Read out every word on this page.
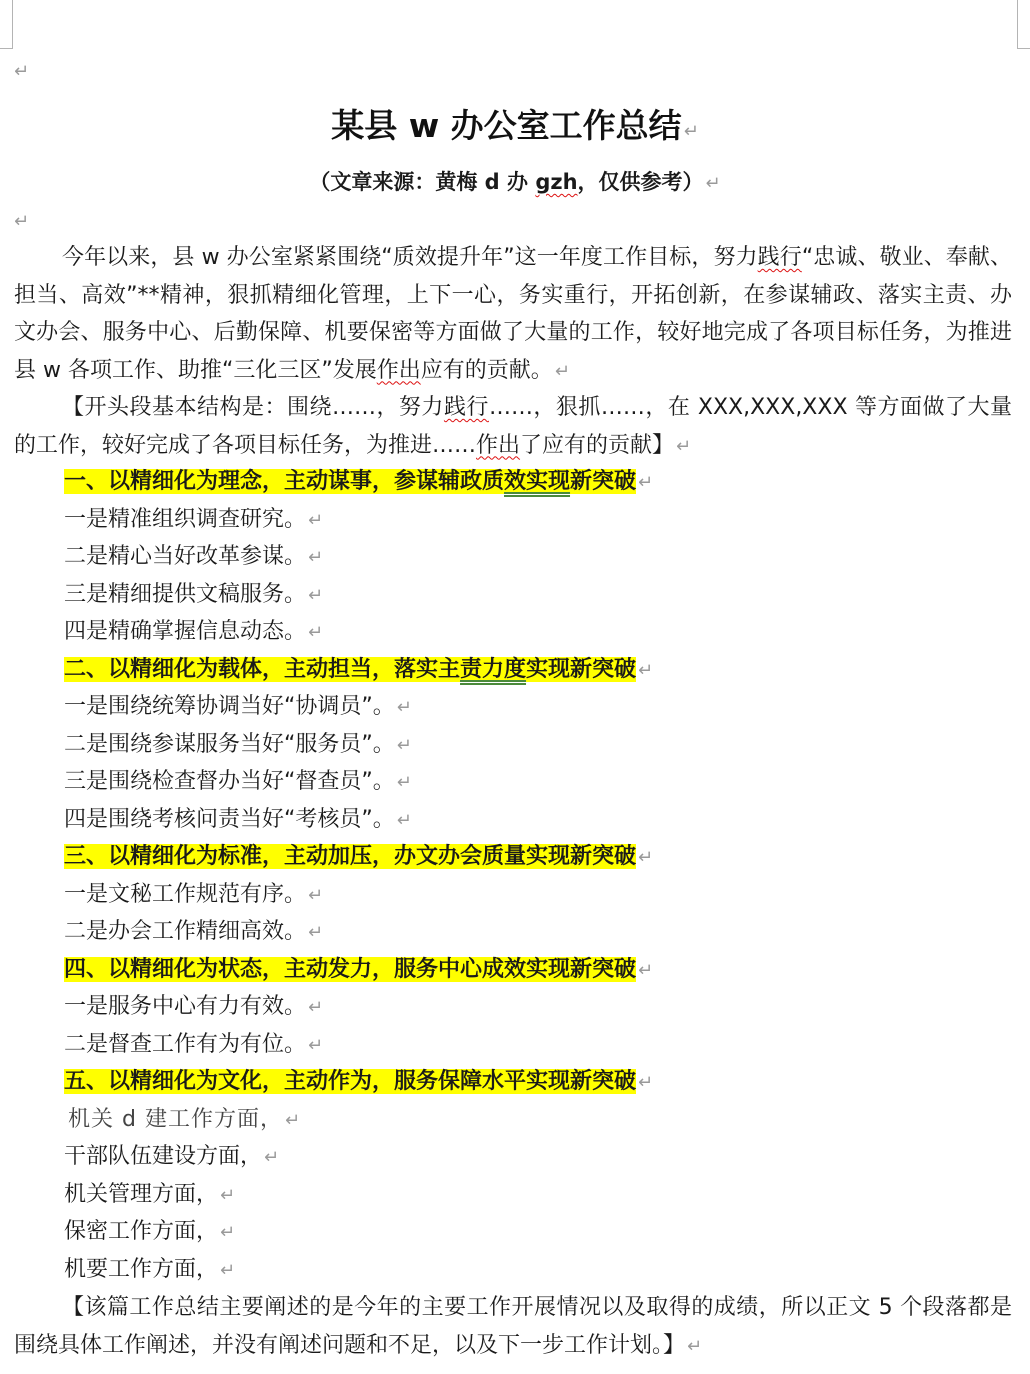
↵
某县 w 办公室工作总结 ↵
（文章来源：黄梅 d 办 gzh，仅供参考） ↵
↵
今年以来，县 w 办公室紧紧围绕“质效提升年”这一年度工作目标，努力践行“忠诚、敬业、奉献、担当、高效”**精神，狠抓精细化管理，上下一心，务实重行，开拓创新，在参谋辅政、落实主责、办文办会、服务中心、后勤保障、机要保密等方面做了大量的工作，较好地完成了各项目标任务，为推进县 w 各项工作、助推“三化三区”发展作出应有的贡献。 ↵
【开头段基本结构是：围绕……，努力践行……，狠抓……，在 XXX,XXX,XXX 等方面做了大量的工作，较好完成了各项目标任务，为推进……作出了应有的贡献】 ↵
一、以精细化为理念，主动谋事，参谋辅政质效实现新突破 ↵
一是精准组织调查研究。 ↵
二是精心当好改革参谋。 ↵
三是精细提供文稿服务。 ↵
四是精确掌握信息动态。 ↵
二、以精细化为载体，主动担当，落实主责力度实现新突破 ↵
一是围绕统筹协调当好“协调员”。 ↵
二是围绕参谋服务当好“服务员”。 ↵
三是围绕检查督办当好“督查员”。 ↵
四是围绕考核问责当好“考核员”。 ↵
三、以精细化为标准，主动加压，办文办会质量实现新突破 ↵
一是文秘工作规范有序。 ↵
二是办会工作精细高效。 ↵
四、以精细化为状态，主动发力，服务中心成效实现新突破 ↵
一是服务中心有力有效。 ↵
二是督查工作有为有位。 ↵
五、以精细化为文化，主动作为，服务保障水平实现新突破 ↵
机关 d 建工作方面， ↵
干部队伍建设方面， ↵
机关管理方面， ↵
保密工作方面， ↵
机要工作方面， ↵
【该篇工作总结主要阐述的是今年的主要工作开展情况以及取得的成绩，所以正文 5 个段落都是围绕具体工作阐述，并没有阐述问题和不足，以及下一步工作计划。】 ↵
